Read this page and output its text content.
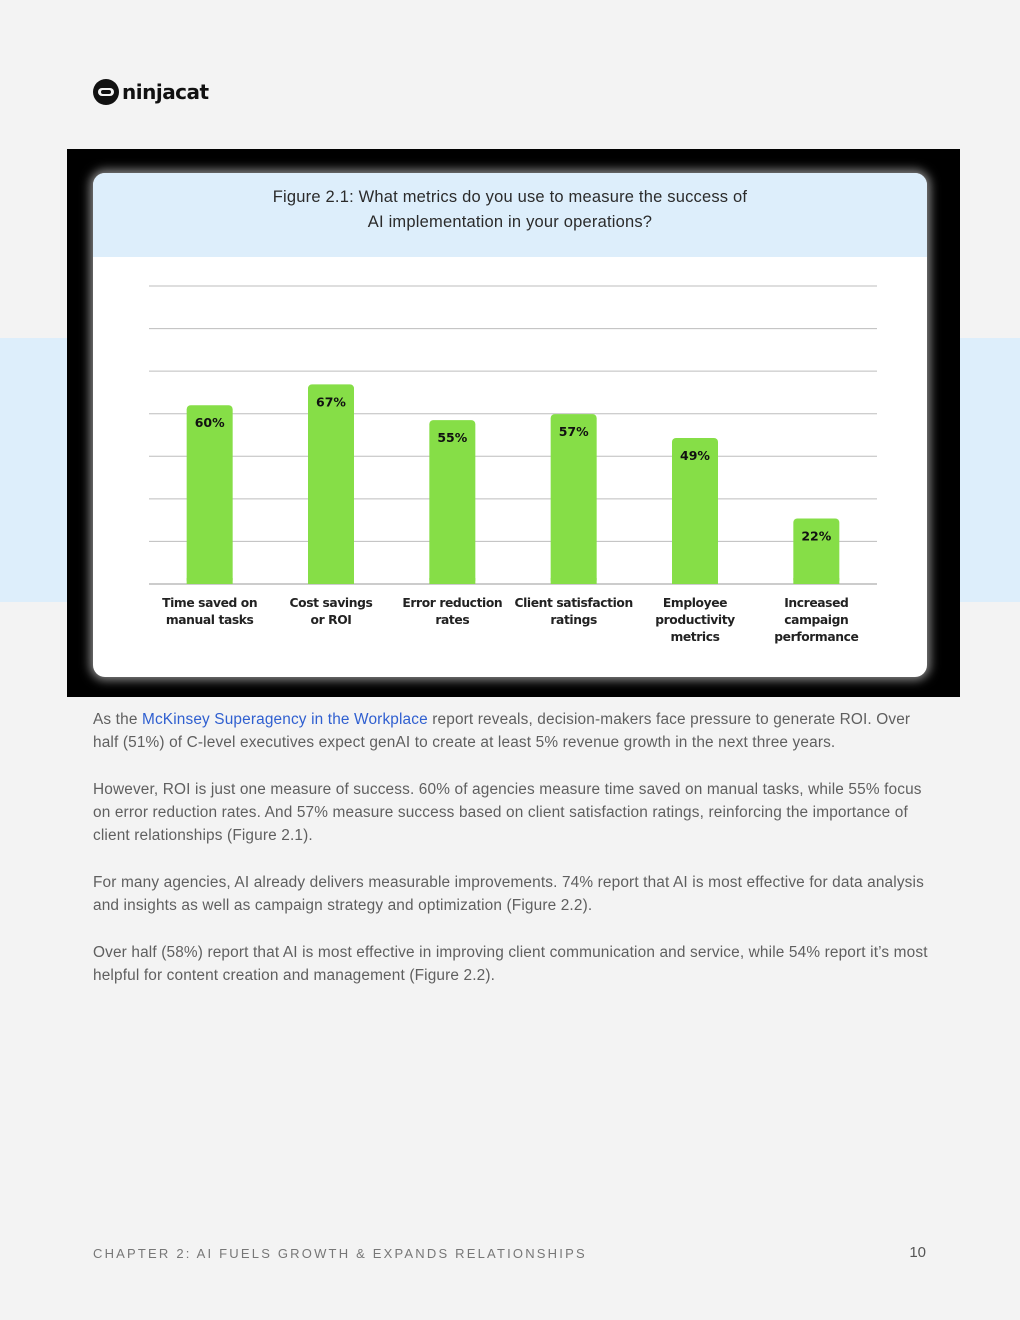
ninjacat
Figure 2.1: What metrics do you use to measure the success of
AI implementation in your operations?
60%
Time saved on
manual tasks
67%
Cost savings
or ROI
55%
Error reduction
rates
57%
Client satisfaction
ratings
49%
Employee
productivity
metrics
22%
Increased
campaign
performance

As the McKinsey Superagency in the Workplace report reveals, decision-makers face pressure to generate ROI. Over half (51%) of C-level executives expect genAI to create at least 5% revenue growth in the next three years.

However, ROI is just one measure of success. 60% of agencies measure time saved on manual tasks, while 55% focus on error reduction rates. And 57% measure success based on client satisfaction ratings, reinforcing the importance of client relationships (Figure 2.1).

For many agencies, AI already delivers measurable improvements. 74% report that AI is most effective for data analysis and insights as well as campaign strategy and optimization (Figure 2.2).

Over half (58%) report that AI is most effective in improving client communication and service, while 54% report it’s most helpful for content creation and management (Figure 2.2).

CHAPTER 2: AI FUELS GROWTH & EXPANDS RELATIONSHIPS	10
